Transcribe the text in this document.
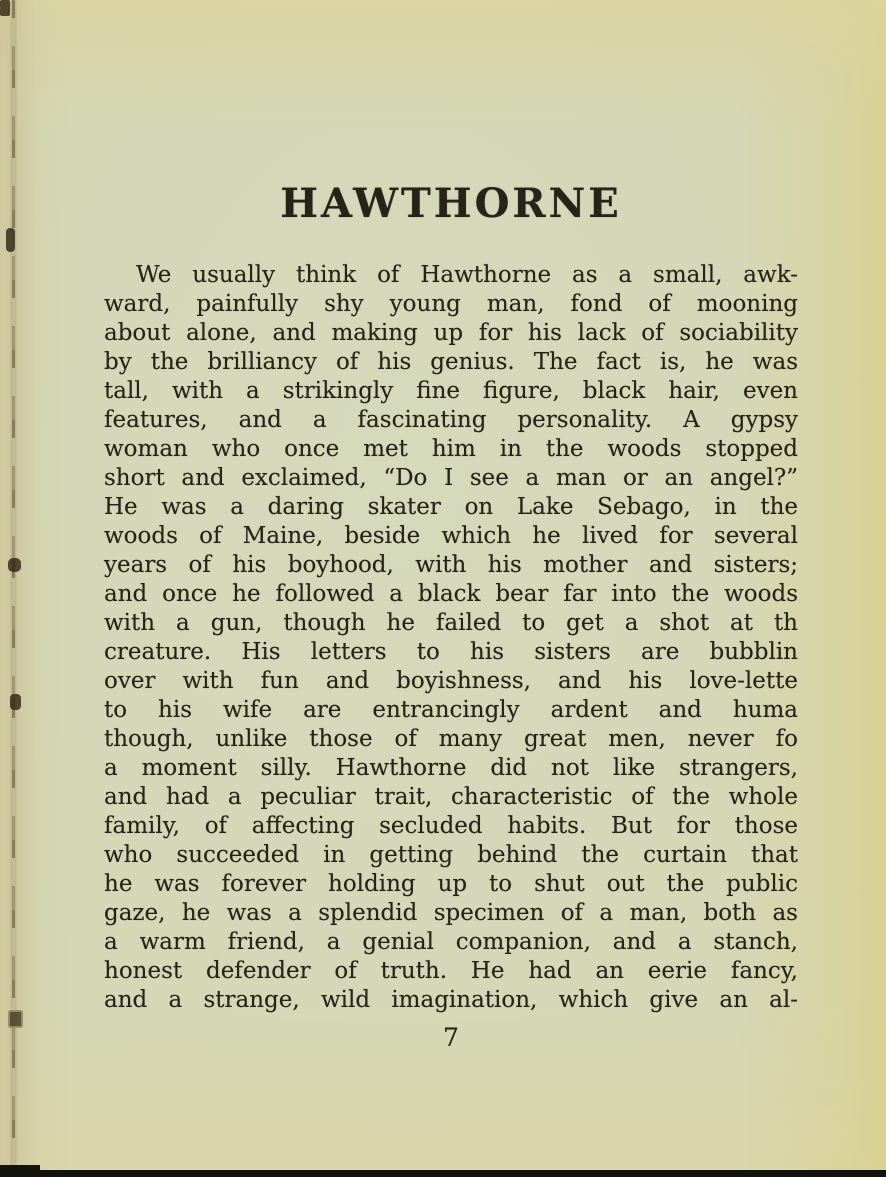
HAWTHORNE
We usually think of Hawthorne as a small, awk-
ward, painfully shy young man, fond of mooning
about alone, and making up for his lack of sociability
by the brilliancy of his genius. The fact is, he was
tall, with a strikingly fine figure, black hair, even
features, and a fascinating personality. A gypsy
woman who once met him in the woods stopped
short and exclaimed, “Do I see a man or an angel?”
He was a daring skater on Lake Sebago, in the
woods of Maine, beside which he lived for several
years of his boyhood, with his mother and sisters;
and once he followed a black bear far into the woods
with a gun, though he failed to get a shot at th
creature. His letters to his sisters are bubblin
over with fun and boyishness, and his love-lette
to his wife are entrancingly ardent and huma
though, unlike those of many great men, never fo
a moment silly. Hawthorne did not like strangers,
and had a peculiar trait, characteristic of the whole
family, of affecting secluded habits. But for those
who succeeded in getting behind the curtain that
he was forever holding up to shut out the public
gaze, he was a splendid specimen of a man, both as
a warm friend, a genial companion, and a stanch,
honest defender of truth. He had an eerie fancy,
and a strange, wild imagination, which give an al-
7
